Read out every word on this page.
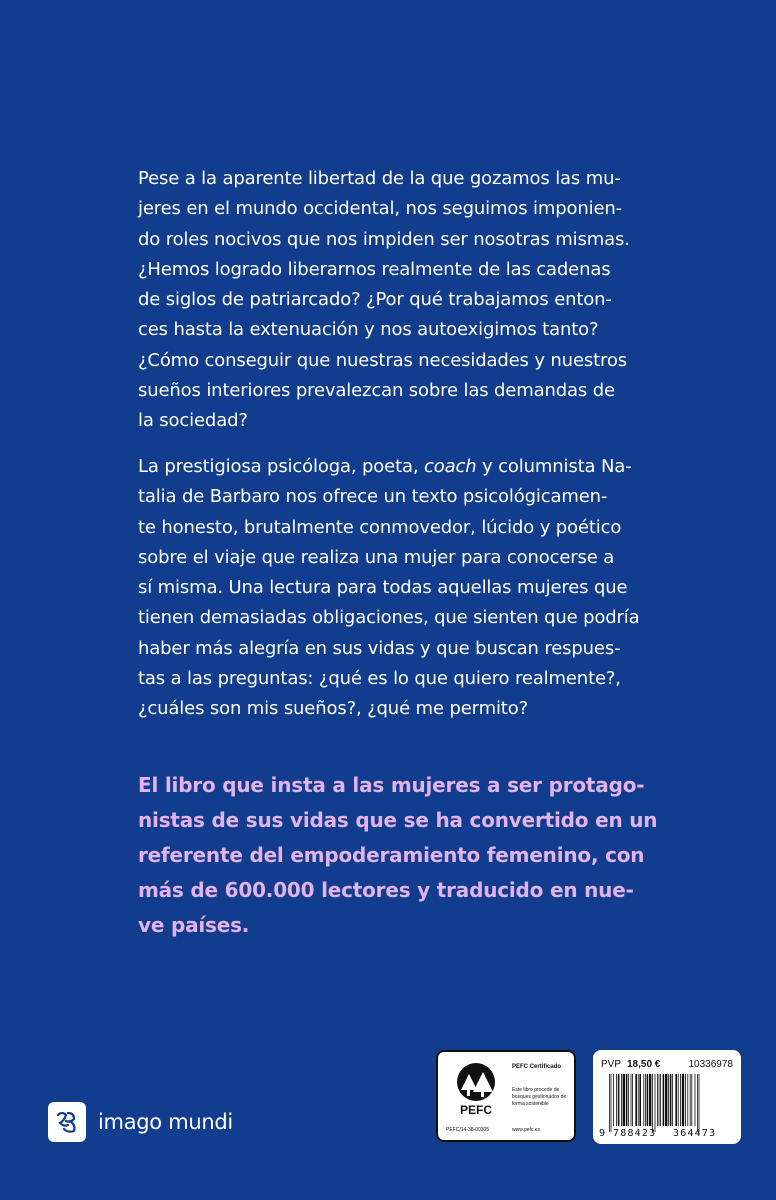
Pese a la aparente libertad de la que gozamos las mu-
jeres en el mundo occidental, nos seguimos imponien-
do roles nocivos que nos impiden ser nosotras mismas.
¿Hemos logrado liberarnos realmente de las cadenas
de siglos de patriarcado? ¿Por qué trabajamos enton-
ces hasta la extenuación y nos autoexigimos tanto?
¿Cómo conseguir que nuestras necesidades y nuestros
sueños interiores prevalezcan sobre las demandas de
la sociedad?
La prestigiosa psicóloga, poeta, coach y columnista Na-
talia de Barbaro nos ofrece un texto psicológicamen-
te honesto, brutalmente conmovedor, lúcido y poético
sobre el viaje que realiza una mujer para conocerse a
sí misma. Una lectura para todas aquellas mujeres que
tienen demasiadas obligaciones, que sienten que podría
haber más alegría en sus vidas y que buscan respues-
tas a las preguntas: ¿qué es lo que quiero realmente?,
¿cuáles son mis sueños?, ¿qué me permito?
El libro que insta a las mujeres a ser protago-
nistas de sus vidas que se ha convertido en un
referente del empoderamiento femenino, con
más de 600.000 lectores y traducido en nue-
ve países.
imago mundi	PEFC
PEFC Certificado
Este libro procede de bosques gestionados de forma sostenible
PEFC/14-38-00305	www.pefc.es
PVP 18,50 €	10336978
9 788423 364473
